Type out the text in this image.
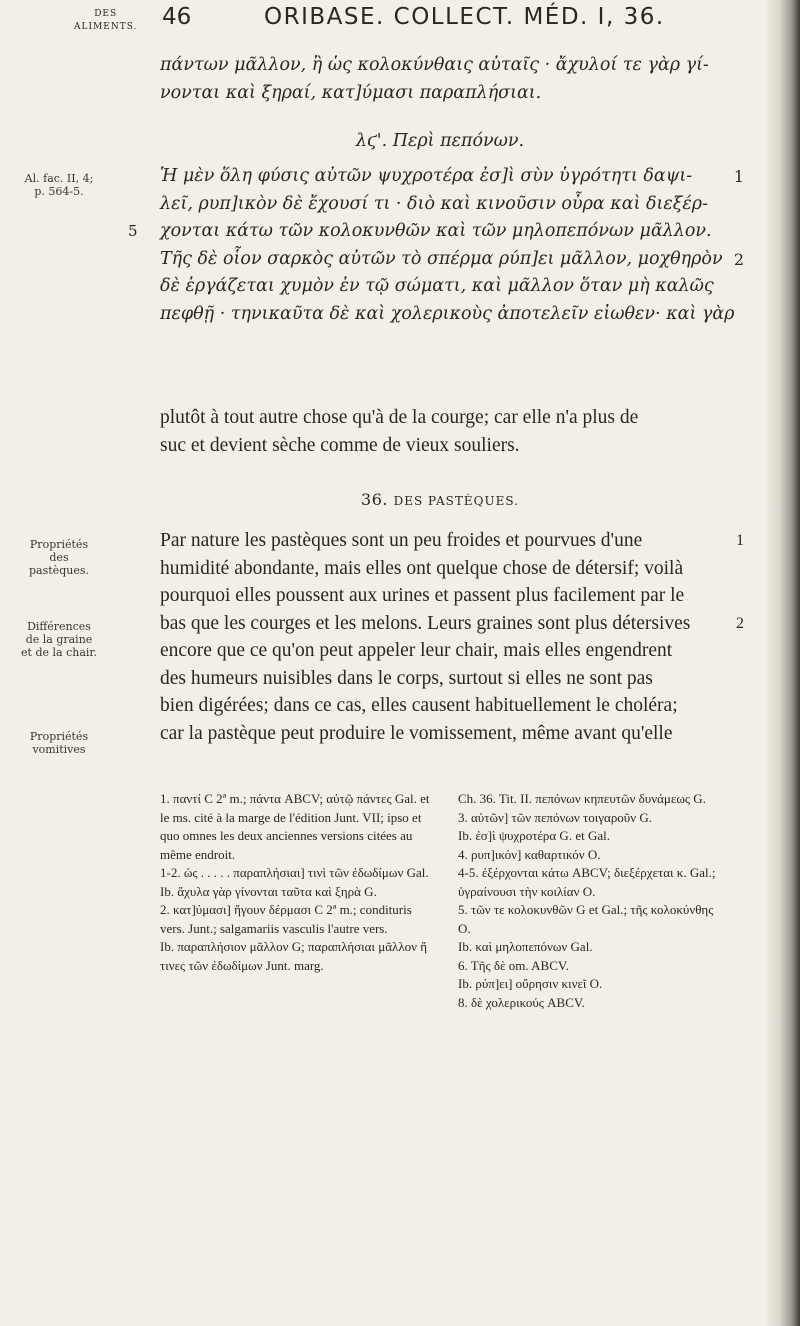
DES
ALIMENTS. 46	ORIBASE. COLLECT. MÉD. I, 36.
Al. fac. II, 4;
p. 564-5.
Propriétés
des
pastèques.
Différences
de la graine
et de la chair.
Propriétés
vomitives
πάντων μᾶλλον, ἢ ὡς κολοκύνθαις αὐταῖς · ἄχυλοί τε γὰρ γί-
νονται καὶ ξηραί, κατ]ύμασι παραπλήσιαι.
λϛ'. Περὶ πεπόνων.
Ἡ μὲν ὅλη φύσις αὐτῶν ψυχροτέρα ἐσ]ὶ σὺν ὑγρότητι δαψι-	1
λεῖ, ρυπ]ικὸν δὲ ἔχουσί τι · διὸ καὶ κινοῦσιν οὖρα καὶ διεξέρ-
5 χονται κάτω τῶν κολοκυνθῶν καὶ τῶν μηλοπεπόνων μᾶλλον.
Τῆς δὲ οἷον σαρκὸς αὐτῶν τὸ σπέρμα ρύπ]ει μᾶλλον, μοχθηρὸν 2
δὲ ἐργάζεται χυμὸν ἐν τῷ σώματι, καὶ μᾶλλον ὅταν μὴ καλῶς
πεφθῇ · τηνικαῦτα δὲ καὶ χολερικοὺς ἀποτελεῖν εἰωθεν· καὶ γὰρ
plutôt à tout autre chose qu'à de la courge; car elle n'a plus de
suc et devient sèche comme de vieux souliers.
36. DES PASTÈQUES.
Par nature les pastèques sont un peu froides et pourvues d'une	1
humidité abondante, mais elles ont quelque chose de détersif; voilà
pourquoi elles poussent aux urines et passent plus facilement par le
bas que les courges et les melons. Leurs graines sont plus détersives	2
encore que ce qu'on peut appeler leur chair, mais elles engendrent
des humeurs nuisibles dans le corps, surtout si elles ne sont pas
bien digérées; dans ce cas, elles causent habituellement le choléra;
car la pastèque peut produire le vomissement, même avant qu'elle

1. παντί C 2ª m.; πάντα ABCV; αὐτῷ πάντες Gal. et le ms. cité à la marge de l'édition Junt. VII; ipso et quo omnes les deux anciennes versions citées au même endroit.

1-2. ὡς . . . . . παραπλήσιαι] τινὶ τῶν ἐδωδίμων Gal.

Ib. ἄχυλα γὰρ γίνονται ταῦτα καὶ ξηρὰ G.

2. κατ]ύμασι] ἤγουν δέρμασι C 2ª m.; condituris vers. Junt.; salgamariis vasculis l'autre vers.

Ib. παραπλήσιον μᾶλλον G; παραπλήσιαι μᾶλλον ἤ τινες τῶν ἐδωδίμων Junt. marg.

Ch. 36. Tit. II. πεπόνων κηπευτῶν δυνάμεως G.

3. αὐτῶν] τῶν πεπόνων τοιγαροῦν G.

Ib. ἐσ]ὶ ψυχροτέρα G. et Gal.

4. ρυπ]ικόν] καθαρτικόν O.

4-5. ἐξέρχονται κάτω ABCV; διεξέρχεται κ. Gal.; ὑγραίνουσι τὴν κοιλίαν O.

5. τῶν τε κολοκυνθῶν G et Gal.; τῆς κολοκύνθης O.

Ib. καὶ μηλοπεπόνων Gal.

6. Τῆς δὲ om. ABCV.

Ib. ρύπ]ει] οὔρησιν κινεῖ O.

8. δὲ χολερικούς ABCV.
